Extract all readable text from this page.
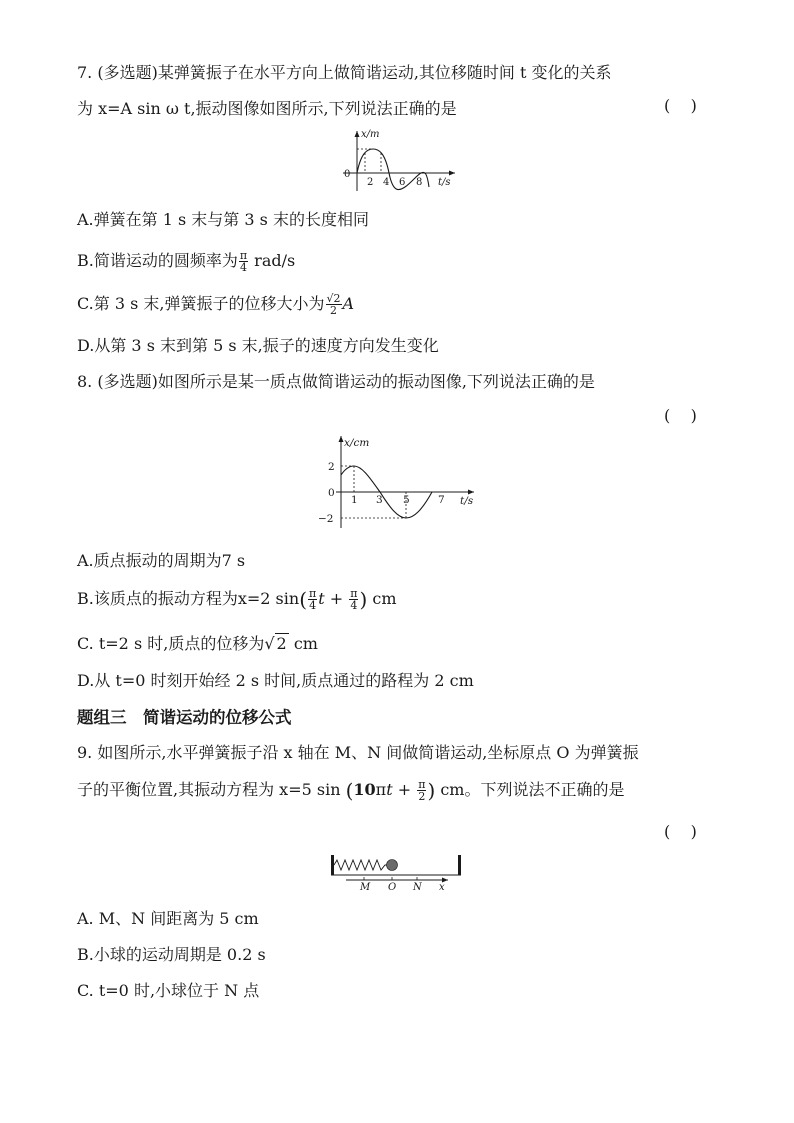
7. (多选题)某弹簧振子在水平方向上做简谐运动,其位移随时间 t 变化的关系
为 x=A sin ω t,振动图像如图所示,下列说法正确的是	(    )
x/m
t/s
0
2 4 6 8
A.弹簧在第 1 s 末与第 3 s 末的长度相同
B.简谐运动的圆频率为 $\frac{\pi}{4} rad/s$
C.第 3 s 末,弹簧振子的位移大小为 $\frac{√2}{2}$ A
D.从第 3 s 末到第 5 s 末,振子的速度方向发生变化
8. (多选题)如图所示是某一质点做简谐运动的振动图像,下列说法正确的是
(    )
x/cm
t/s
2
0
−2
1 3 5	7
A.质点振动的周期为7 s
B.该质点的振动方程为x=2 $\sin( \frac{\pi}{4}$ $t + \frac{\pi}{4}$ ) cm
C. t=2 s 时,质点的位移为√ 2 cm
D.从 t=0 时刻开始经 2 s 时间,质点通过的路程为 2 cm
题组三　简谐运动的位移公式
9. 如图所示,水平弹簧振子沿 x 轴在 M、N 间做简谐运动,坐标原点 O 为弹簧振
子的平衡位置,其振动方程为 x=5 $\sin (10\pi t + \frac{\pi}{2}$ ) cm。下列说法不正确的是
(    )
M O N x
A. M、N 间距离为 5 cm
B.小球的运动周期是 0.2 s
C. t=0 时,小球位于 N 点
